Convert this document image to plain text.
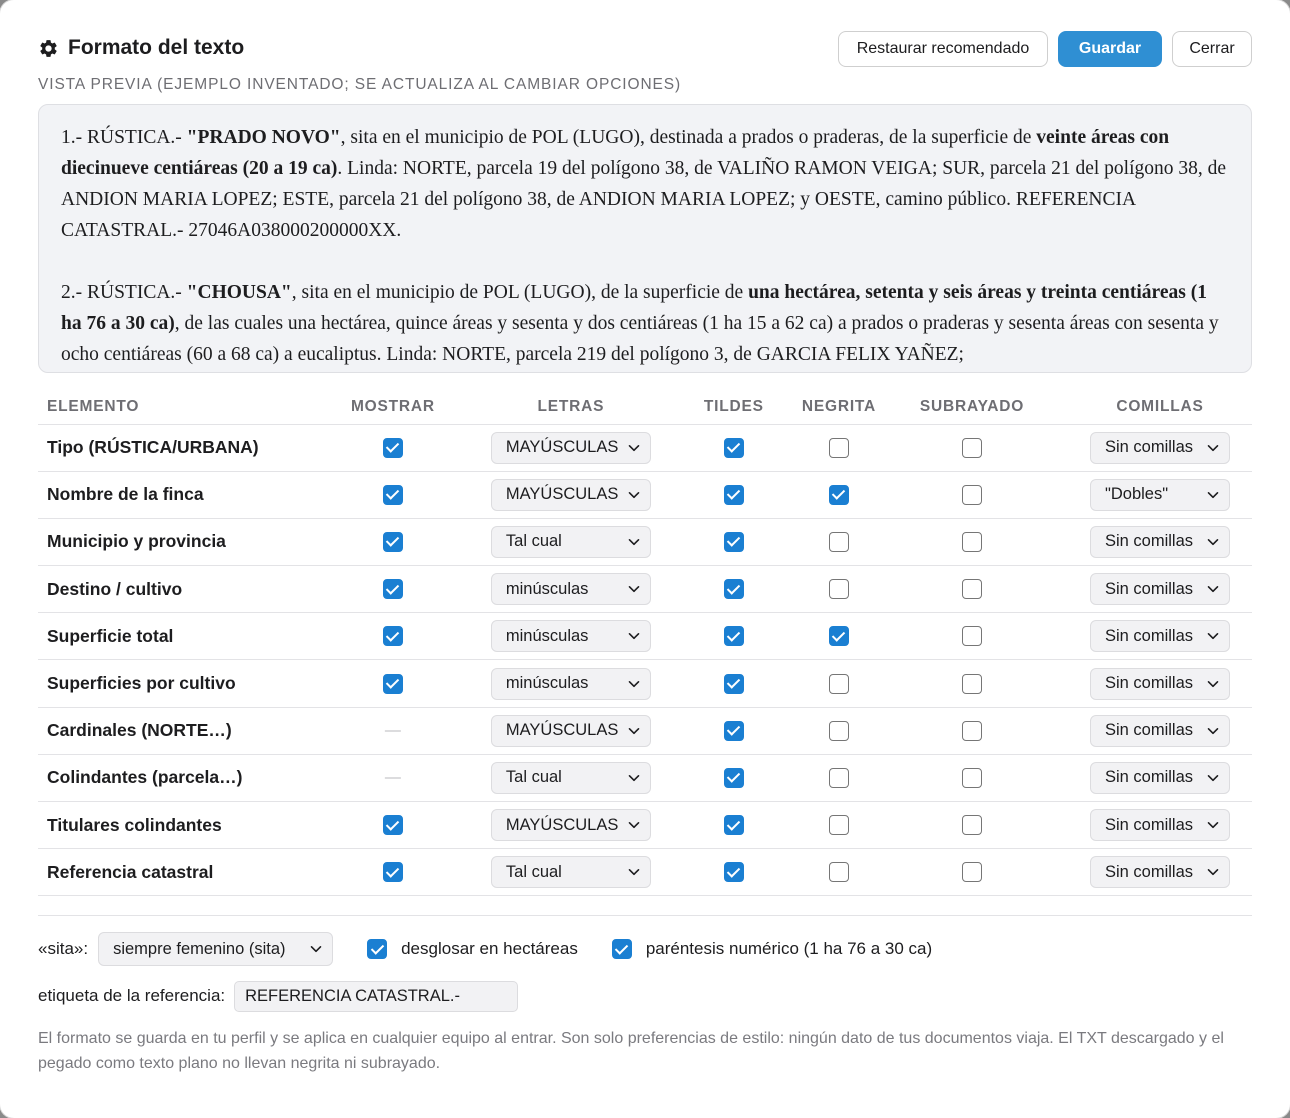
Formato del texto	Restaurar recomendado	Guardar	Cerrar
VISTA PREVIA (EJEMPLO INVENTADO; SE ACTUALIZA AL CAMBIAR OPCIONES)

1.- RÚSTICA.- "PRADO NOVO", sita en el municipio de POL (LUGO), destinada a prados o praderas, de la superficie de veinte áreas con diecinueve centiáreas (20 a 19 ca). Linda: NORTE, parcela 19 del polígono 38, de VALIÑO RAMON VEIGA; SUR, parcela 21 del polígono 38, de ANDION MARIA LOPEZ; ESTE, parcela 21 del polígono 38, de ANDION MARIA LOPEZ; y OESTE, camino público. REFERENCIA CATASTRAL.- 27046A038000200000XX.

2.- RÚSTICA.- "CHOUSA", sita en el municipio de POL (LUGO), de la superficie de una hectárea, setenta y seis áreas y treinta centiáreas (1 ha 76 a 30 ca), de las cuales una hectárea, quince áreas y sesenta y dos centiáreas (1 ha 15 a 62 ca) a prados o praderas y sesenta áreas con sesenta y ocho centiáreas (60 a 68 ca) a eucaliptus. Linda: NORTE, parcela 219 del polígono 3, de GARCIA FELIX YAÑEZ;

ELEMENTO	MOSTRAR	LETRAS	TILDES	NEGRITA	SUBRAYADO	COMILLAS
Tipo (RÚSTICA/URBANA)		MAYÚSCULAS				Sin comillas

Nombre de la finca		MAYÚSCULAS				"Dobles"

Municipio y provincia		Tal cual				Sin comillas

Destino / cultivo		minúsculas				Sin comillas

Superficie total		minúsculas				Sin comillas

Superficies por cultivo		minúsculas				Sin comillas

Cardinales (NORTE…)	—	MAYÚSCULAS				Sin comillas

Colindantes (parcela…)	—	Tal cual				Sin comillas

Titulares colindantes		MAYÚSCULAS				Sin comillas

Referencia catastral		Tal cual				Sin comillas
«sita»: siempre femenino (sita)	desglosar en hectáreas	paréntesis numérico (1 ha 76 a 30 ca)
etiqueta de la referencia:	REFERENCIA CATASTRAL.-
El formato se guarda en tu perfil y se aplica en cualquier equipo al entrar. Son solo preferencias de estilo: ningún dato de tus documentos viaja. El TXT descargado y el pegado como texto plano no llevan negrita ni subrayado.
